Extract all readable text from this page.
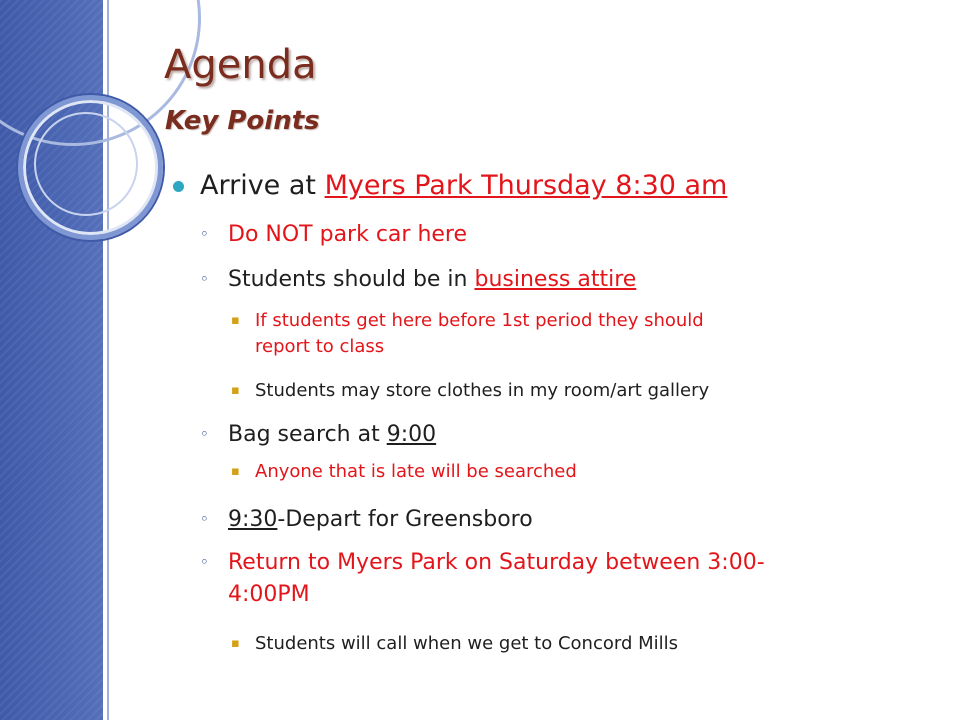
Agenda
Key Points
Arrive at Myers Park Thursday 8:30 am
◦ Do NOT park car here
◦ Students should be in business attire
▪ If students get here before 1st period they should
report to class
▪ Students may store clothes in my room/art gallery
◦ Bag search at 9:00
▪ Anyone that is late will be searched
◦ 9:30-Depart for Greensboro
◦ Return to Myers Park on Saturday between 3:00-
4:00PM
▪ Students will call when we get to Concord Mills
